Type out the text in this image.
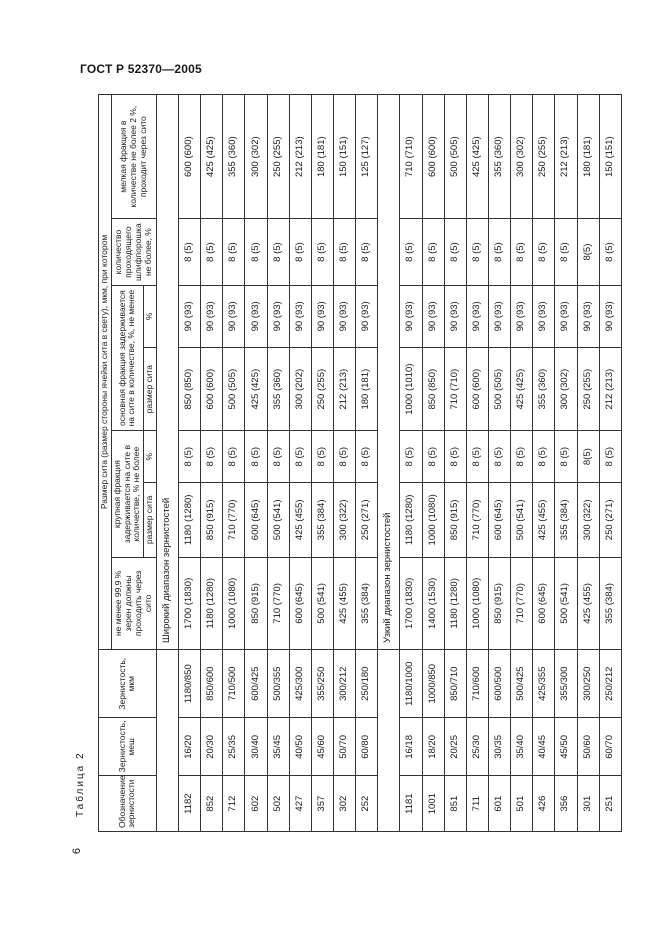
ГОСТ Р 52370—2005
Таблица 2
6
Обозначение зернистости	Зернистость, меш	Зернистость, мкм	Размер сита (размер стороны ячейки сита в свету), мкм, при котором						
			не менее 99,9 % зерен должны проходить через сито	крупная фракция задерживается на сите в количестве, % не более		основная фракция задерживается на сите в количестве, %, не менее		количество проходящего шлифпорошка не более, %	мелкая фракция в количестве не более 2 %, проходит через сито
				размер сита	%	размер сита	%		
			Широкий диапазон зернистостей						
1182	16/20	1180/850	1700 (1830)	1180 (1280)	8 (5)	850 (850)	90 (93)	8 (5)	600 (600)
852	20/30	850/600	1180 (1280)	850 (915)	8 (5)	600 (600)	90 (93)	8 (5)	425 (425)
712	25/35	710/500	1000 (1080)	710 (770)	8 (5)	500 (505)	90 (93)	8 (5)	355 (360)
602	30/40	600/425	850 (915)	600 (645)	8 (5)	425 (425)	90 (93)	8 (5)	300 (302)
502	35/45	500/355	710 (770)	500 (541)	8 (5)	355 (360)	90 (93)	8 (5)	250 (255)
427	40/50	425/300	600 (645)	425 (455)	8 (5)	300 (202)	90 (93)	8 (5)	212 (213)
357	45/60	355/250	500 (541)	355 (384)	8 (5)	250 (255)	90 (93)	8 (5)	180 (181)
302	50/70	300/212	425 (455)	300 (322)	8 (5)	212 (213)	90 (93)	8 (5)	150 (151)
252	60/80	250/180	355 (384)	250 (271)	8 (5)	180 (181)	90 (93)	8 (5)	125 (127)
			Узкий диапазон зернистостей						
1181	16/18	1180/1000	1700 (1830)	1180 (1280)	8 (5)	1000 (1010)	90 (93)	8 (5)	710 (710)
1001	18/20	1000/850	1400 (1530)	1000 (1080)	8 (5)	850 (850)	90 (93)	8 (5)	600 (600)
851	20/25	850/710	1180 (1280)	850 (915)	8 (5)	710 (710)	90 (93)	8 (5)	500 (505)
711	25/30	710/600	1000 (1080)	710 (770)	8 (5)	600 (600)	90 (93)	8 (5)	425 (425)
601	30/35	600/500	850 (915)	600 (645)	8 (5)	500 (505)	90 (93)	8 (5)	355 (360)
501	35/40	500/425	710 (770)	500 (541)	8 (5)	425 (425)	90 (93)	8 (5)	300 (302)
426	40/45	425/355	600 (645)	425 (455)	8 (5)	355 (360)	90 (93)	8 (5)	250 (255)
356	45/50	355/300	500 (541)	355 (384)	8 (5)	300 (302)	90 (93)	8 (5)	212 (213)
301	50/60	300/250	425 (455)	300 (322)	8(5)	250 (255)	90 (93)	8(5)	180 (181)
251	60/70	250/212	355 (384)	250 (271)	8 (5)	212 (213)	90 (93)	8 (5)	150 (151)
